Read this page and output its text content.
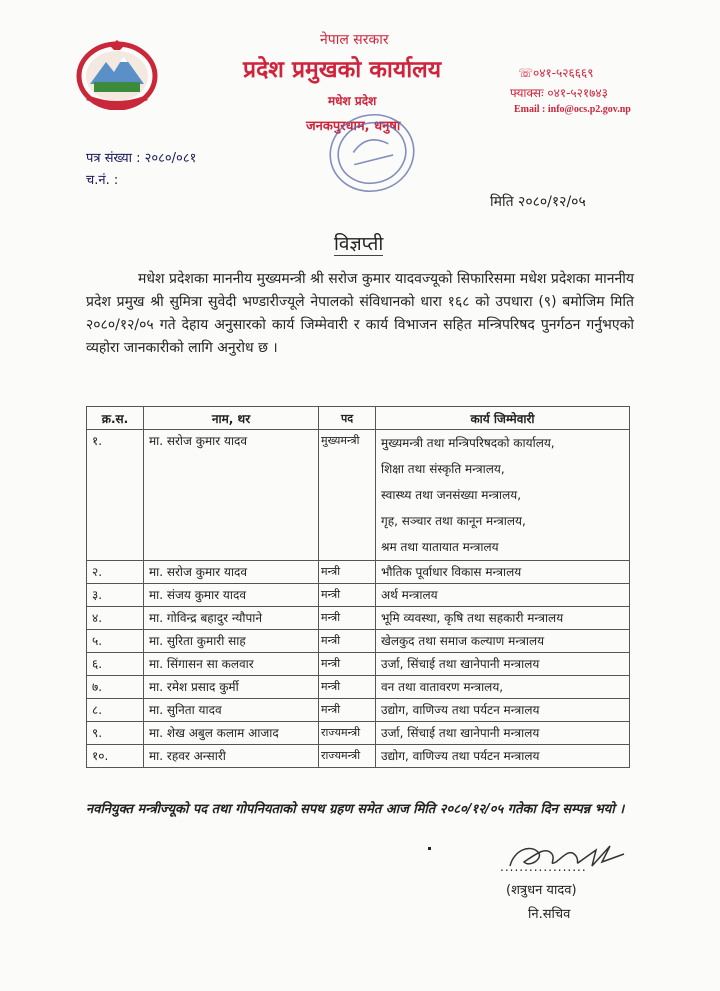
नेपाल सरकार
प्रदेश प्रमुखको कार्यालय
मधेश प्रदेश
जनकपुरधाम, धनुषा
☏०४१-५२६६६९
फ्याक्सः ०४१-५२१७४३
Email : info@ocs.p2.gov.np
पत्र संख्या : २०८०/०८१
च.नं. :
मिति २०८०/१२/०५
विज्ञप्ती
मधेश प्रदेशका माननीय मुख्यमन्त्री श्री सरोज कुमार यादवज्यूको सिफारिसमा मधेश प्रदेशका माननीय प्रदेश प्रमुख श्री सुमित्रा सुवेदी भण्डारीज्यूले नेपालको संविधानको धारा १६८ को उपधारा (९) बमोजिम मिति २०८०/१२/०५ गते देहाय अनुसारको कार्य जिम्मेवारी र कार्य विभाजन सहित मन्त्रिपरिषद पुनर्गठन गर्नुभएको व्यहोरा जानकारीको लागि अनुरोध छ ।
क्र.स.	नाम, थर	पद	कार्य जिम्मेवारी
१.	मा. सरोज कुमार यादव	मुख्यमन्त्री	मुख्यमन्त्री तथा मन्त्रिपरिषदको कार्यालय,
			शिक्षा तथा संस्कृति मन्त्रालय,
			स्वास्थ्य तथा जनसंख्या मन्त्रालय,
			गृह, सञ्चार तथा कानून मन्त्रालय,
			श्रम तथा यातायात मन्त्रालय
२.	मा. सरोज कुमार यादव	मन्त्री	भौतिक पूर्वाधार विकास मन्त्रालय
३.	मा. संजय कुमार यादव	मन्त्री	अर्थ मन्त्रालय
४.	मा. गोविन्द्र बहादुर न्यौपाने	मन्त्री	भूमि व्यवस्था, कृषि तथा सहकारी मन्त्रालय
५.	मा. सुरिता कुमारी साह	मन्त्री	खेलकुद तथा समाज कल्याण मन्त्रालय
६.	मा. सिंगासन सा कलवार	मन्त्री	उर्जा, सिंचाई तथा खानेपानी मन्त्रालय
७.	मा. रमेश प्रसाद कुर्मी	मन्त्री	वन तथा वातावरण मन्त्रालय,
८.	मा. सुनिता यादव	मन्त्री	उद्योग, वाणिज्य तथा पर्यटन मन्त्रालय
९.	मा. शेख अबुल कलाम आजाद	राज्यमन्त्री	उर्जा, सिंचाई तथा खानेपानी मन्त्रालय
१०.	मा. रहवर अन्सारी	राज्यमन्त्री	उद्योग, वाणिज्य तथा पर्यटन मन्त्रालय
नवनियुक्त मन्त्रीज्यूको पद तथा गोपनियताको सपथ ग्रहण समेत आज मिति २०८०/१२/०५ गतेका दिन सम्पन्न भयो ।
..................
(शत्रुधन यादव)
नि.सचिव
